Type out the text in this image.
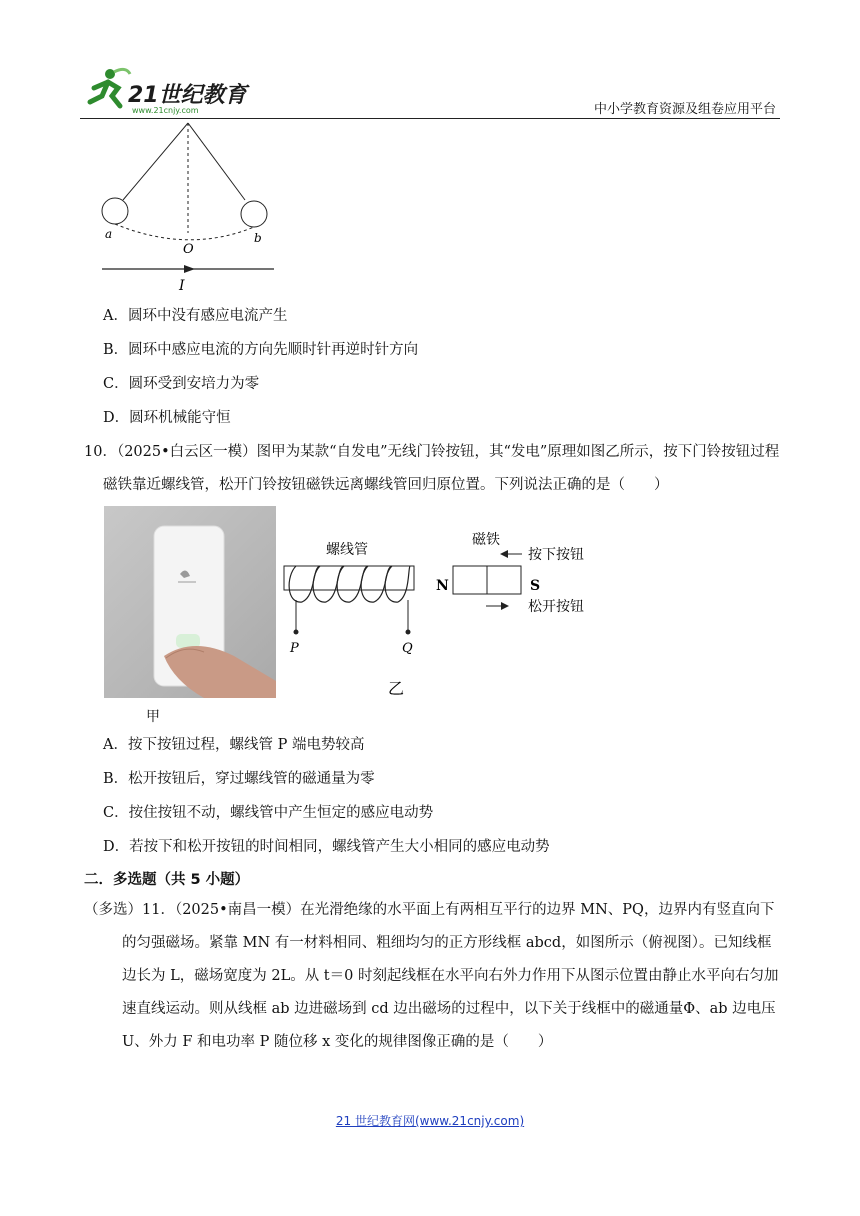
21世纪教育
www.21cnjy.com	中小学教育资源及组卷应用平台
a
O
b
I
A．圆环中没有感应电流产生
B．圆环中感应电流的方向先顺时针再逆时针方向
C．圆环受到安培力为零
D．圆环机械能守恒
10．（2025•白云区一模）图甲为某款“自发电”无线门铃按钮，其“发电”原理如图乙所示，按下门铃按钮过程磁铁靠近螺线管，松开门铃按钮磁铁远离螺线管回归原位置。下列说法正确的是（　　）
甲
螺线管
P	Q
乙
N	S
磁铁
按下按钮
松开按钮
A．按下按钮过程，螺线管 P 端电势较高
B．松开按钮后，穿过螺线管的磁通量为零
C．按住按钮不动，螺线管中产生恒定的感应电动势
D．若按下和松开按钮的时间相同，螺线管产生大小相同的感应电动势
二．多选题（共 5 小题）
（多选）11．（2025•南昌一模）在光滑绝缘的水平面上有两相互平行的边界 MN、PQ，边界内有竖直向下的匀强磁场。紧靠 MN 有一材料相同、粗细均匀的正方形线框 abcd，如图所示（俯视图）。已知线框边长为 L，磁场宽度为 2L。从 t＝0 时刻起线框在水平向右外力作用下从图示位置由静止水平向右匀加速直线运动。则从线框 ab 边进磁场到 cd 边出磁场的过程中，以下关于线框中的磁通量Φ、ab 边电压 U、外力 F 和电功率 P 随位移 x 变化的规律图像正确的是（　　）
21 世纪教育网(www.21cnjy.com)
